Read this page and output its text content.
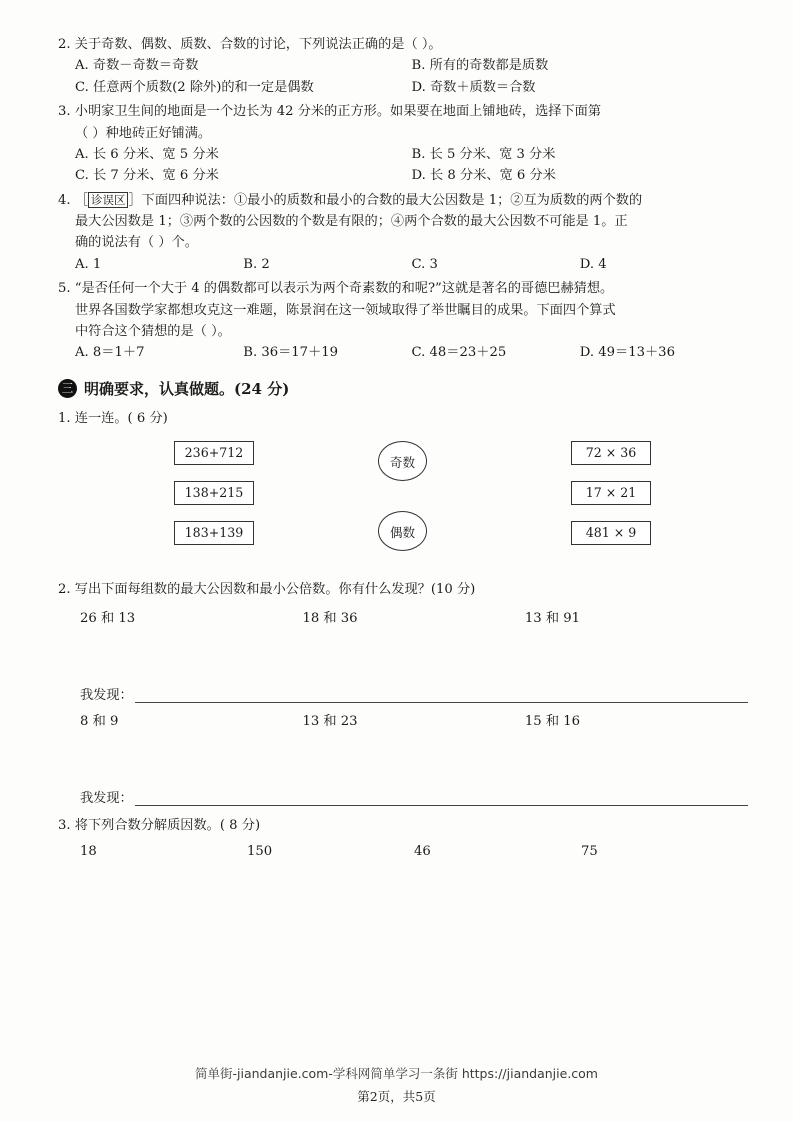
2. 关于奇数、偶数、质数、合数的讨论，下列说法正确的是（ ）。
A. 奇数－奇数＝奇数	B. 所有的奇数都是质数
C. 任意两个质数(2 除外)的和一定是偶数	D. 奇数＋质数＝合数
3. 小明家卫生间的地面是一个边长为 42 分米的正方形。如果要在地面上铺地砖，选择下面第
（ ）种地砖正好铺满。
A. 长 6 分米、宽 5 分米	B. 长 5 分米、宽 3 分米
C. 长 7 分米、宽 6 分米	D. 长 8 分米、宽 6 分米
4. ［ 诊误区 ］下面四种说法：①最小的质数和最小的合数的最大公因数是 1；②互为质数的两个数的
最大公因数是 1；③两个数的公因数的个数是有限的；④两个合数的最大公因数不可能是 1。正
确的说法有（ ）个。
A. 1	B. 2	C. 3	D. 4
5. “是否任何一个大于 4 的偶数都可以表示为两个奇素数的和呢?”这就是著名的哥德巴赫猜想。
世界各国数学家都想攻克这一难题，陈景润在这一领域取得了举世瞩目的成果。下面四个算式
中符合这个猜想的是（ ）。
A. 8＝1＋7	B. 36＝17＋19	C. 48＝23＋25	D. 49＝13＋36
三 明确要求，认真做题。(24 分)
1. 连一连。( 6 分)
236+712
138+215
183+139
奇数
偶数
72 × 36
17 × 21
481 × 9
2. 写出下面每组数的最大公因数和最小公倍数。你有什么发现？(10 分)
26 和 13	18 和 36	13 和 91
我发现：
8 和 9	13 和 23	15 和 16
我发现：
3. 将下列合数分解质因数。( 8 分)
18	150	46	75
简单街-jiandanjie.com-学科网简单学习一条街 https://jiandanjie.com
第2页，共5页
